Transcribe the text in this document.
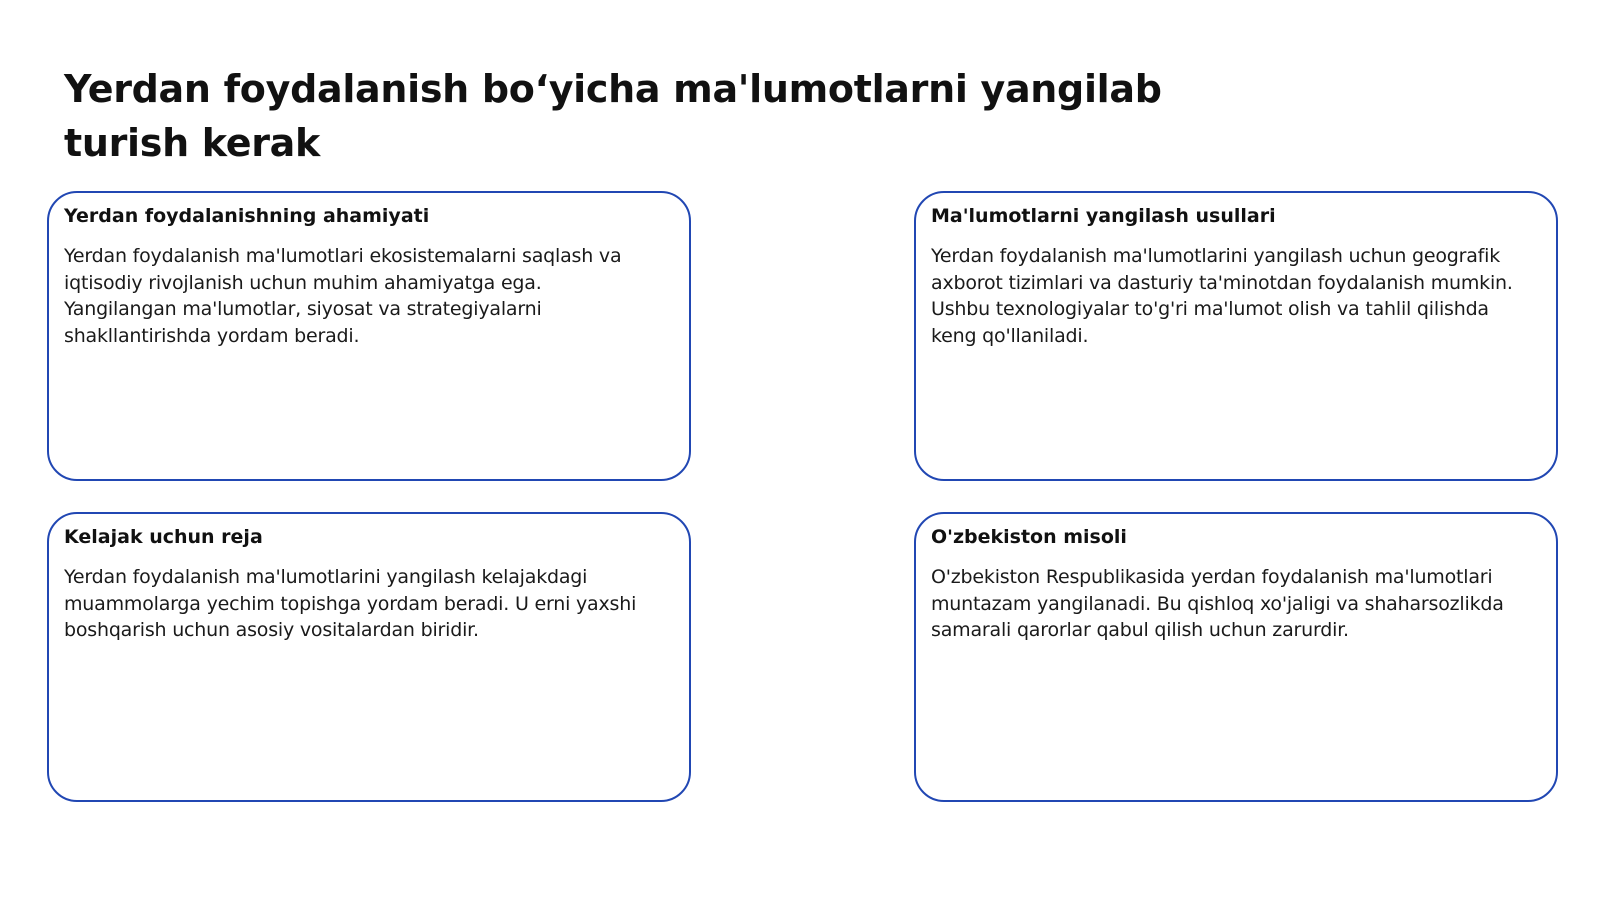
Yerdan foydalanish bo‘yicha ma'lumotlarni yangilab turish kerak
Yerdan foydalanishning ahamiyati

Yerdan foydalanish ma'lumotlari ekosistemalarni saqlash va iqtisodiy rivojlanish uchun muhim ahamiyatga ega. Yangilangan ma'lumotlar, siyosat va strategiyalarni shakllantirishda yordam beradi.

Ma'lumotlarni yangilash usullari

Yerdan foydalanish ma'lumotlarini yangilash uchun geografik axborot tizimlari va dasturiy ta'minotdan foydalanish mumkin. Ushbu texnologiyalar to'g'ri ma'lumot olish va tahlil qilishda keng qo'llaniladi.

Kelajak uchun reja

Yerdan foydalanish ma'lumotlarini yangilash kelajakdagi muammolarga yechim topishga yordam beradi. U erni yaxshi boshqarish uchun asosiy vositalardan biridir.

O'zbekiston misoli

O'zbekiston Respublikasida yerdan foydalanish ma'lumotlari muntazam yangilanadi. Bu qishloq xo'jaligi va shaharsozlikda samarali qarorlar qabul qilish uchun zarurdir.
